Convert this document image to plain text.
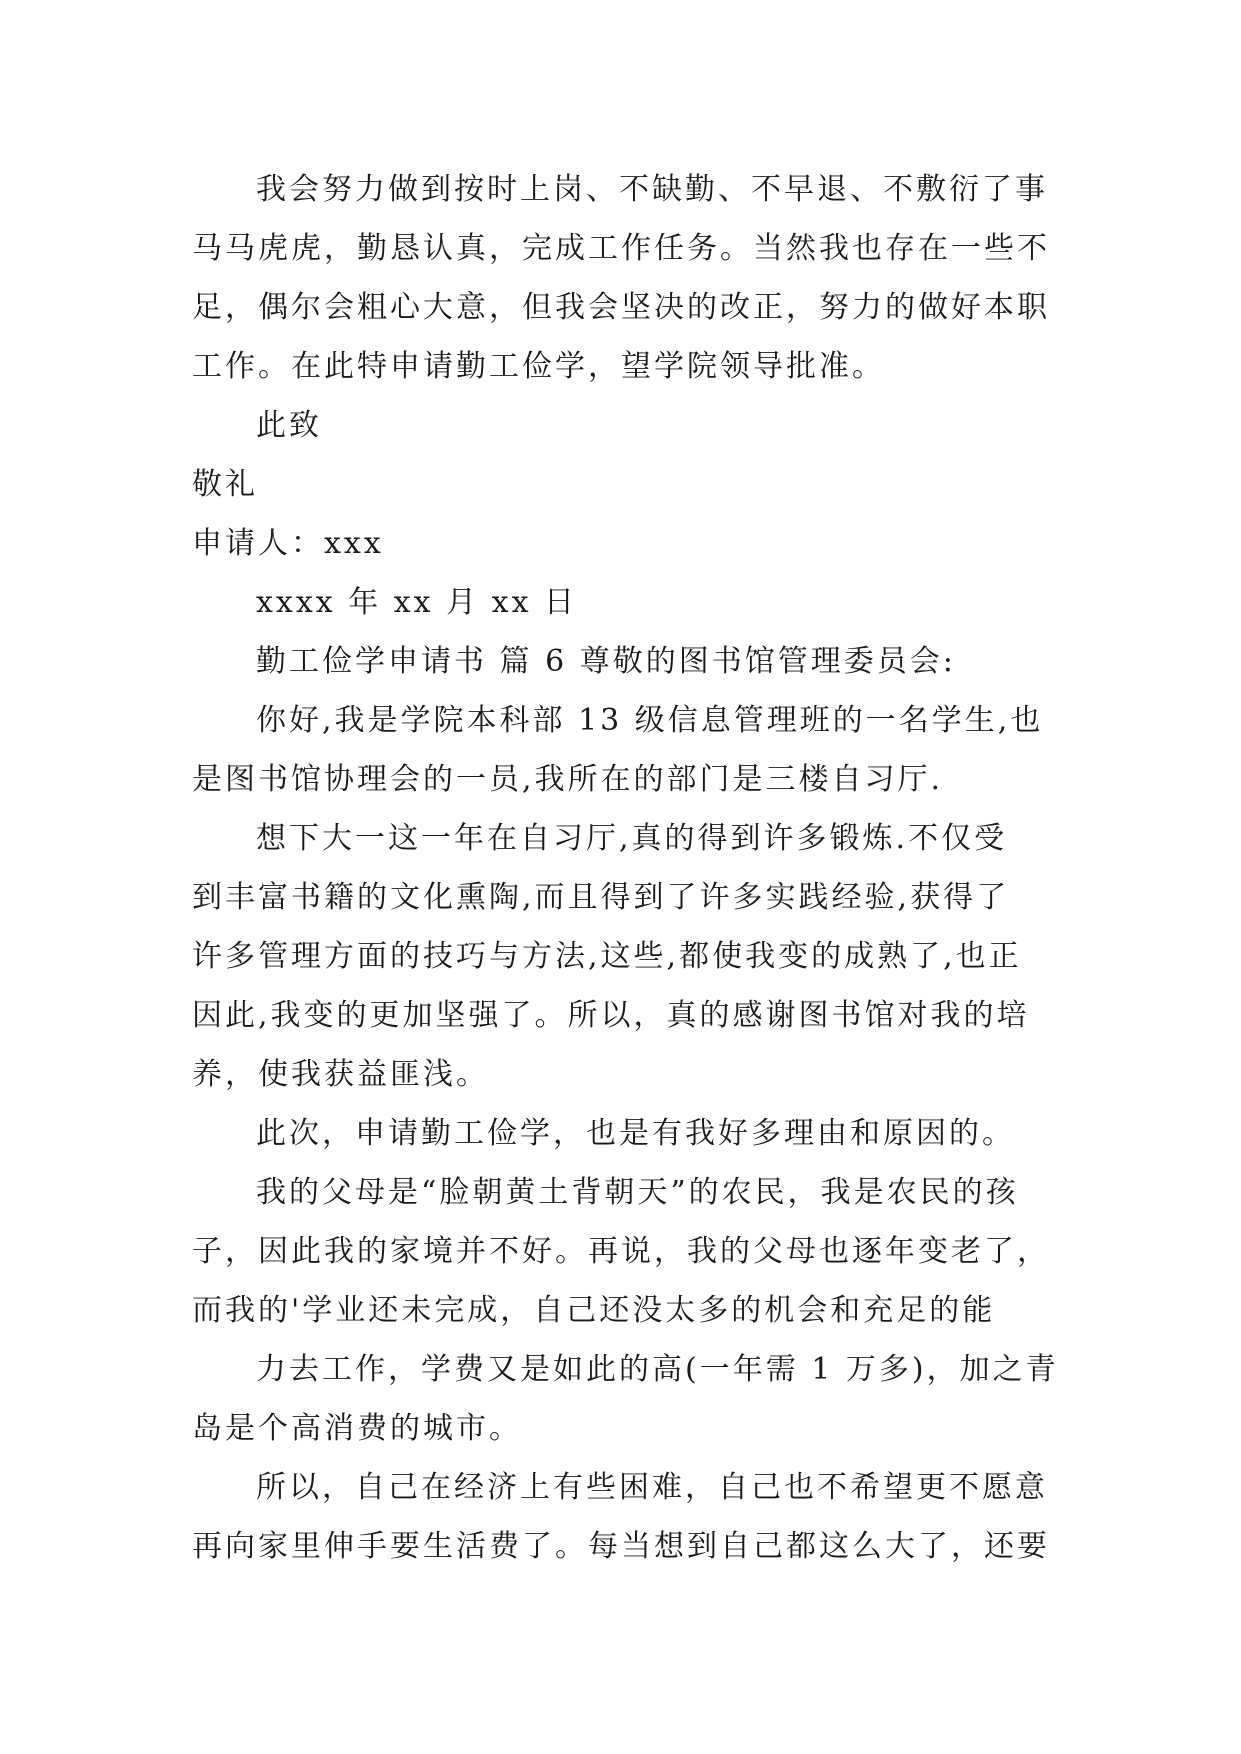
我会努力做到按时上岗、不缺勤、不早退、不敷衍了事
马马虎虎，勤恳认真，完成工作任务。当然我也存在一些不
足，偶尔会粗心大意，但我会坚决的改正，努力的做好本职
工作。在此特申请勤工俭学，望学院领导批准。

此致

敬礼

申请人：xxx

xxxx 年 xx 月 xx 日

勤工俭学申请书 篇 6 尊敬的图书馆管理委员会:

你好,我是学院本科部 13 级信息管理班的一名学生,也
是图书馆协理会的一员,我所在的部门是三楼自习厅.

想下大一这一年在自习厅,真的得到许多锻炼.不仅受
到丰富书籍的文化熏陶,而且得到了许多实践经验,获得了
许多管理方面的技巧与方法,这些,都使我变的成熟了,也正
因此,我变的更加坚强了。所以，真的感谢图书馆对我的培
养，使我获益匪浅。

此次，申请勤工俭学，也是有我好多理由和原因的。

我的父母是“脸朝黄土背朝天”的农民，我是农民的孩
子，因此我的家境并不好。再说，我的父母也逐年变老了，
而我的'学业还未完成，自己还没太多的机会和充足的能

力去工作，学费又是如此的高(一年需 1 万多)，加之青
岛是个高消费的城市。

所以，自己在经济上有些困难，自己也不希望更不愿意
再向家里伸手要生活费了。每当想到自己都这么大了，还要
